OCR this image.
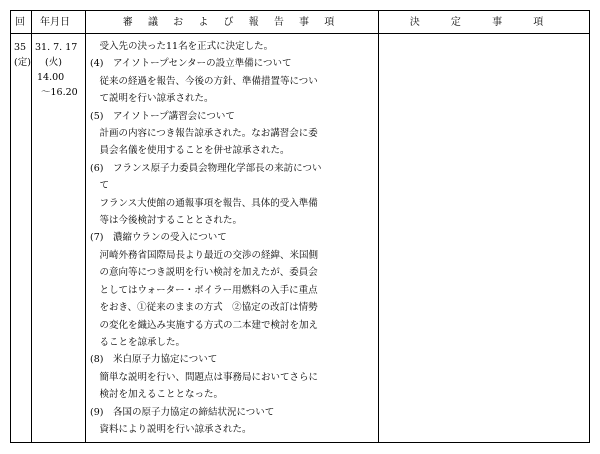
回 年月日	審 議 お よ び 報 告 事 項	決 定 事 項
35
(定)
31. 7. 17
(火)
14.00
～16.20
　受入先の決った11名を正式に決定した。
(4)　アイソトープセンターの設立準備について
　従来の経過を報告、今後の方針、準備措置等につい
　て説明を行い諒承された。
(5)　アイソトープ講習会について
　計画の内容につき報告諒承された。なお講習会に委
　員会名儀を使用することを併せ諒承された。
(6)　フランス原子力委員会物理化学部長の来訪につい
　て
　フランス大使館の通報事項を報告、具体的受入準備
　等は今後検討することとされた。
(7)　濃縮ウランの受入について
　河崎外務省国際局長より最近の交渉の経緯、米国側
　の意向等につき説明を行い検討を加えたが、委員会
　としてはウォーター・ボイラー用燃料の入手に重点
　をおき、①従来のままの方式　②協定の改訂は情勢
　の変化を織込み実施する方式の二本建で検討を加え
　ることを諒承した。
(8)　米白原子力協定について
　簡単な説明を行い、問題点は事務局においてさらに
　検討を加えることとなった。
(9)　各国の原子力協定の締結状況について
　資料により説明を行い諒承された。
